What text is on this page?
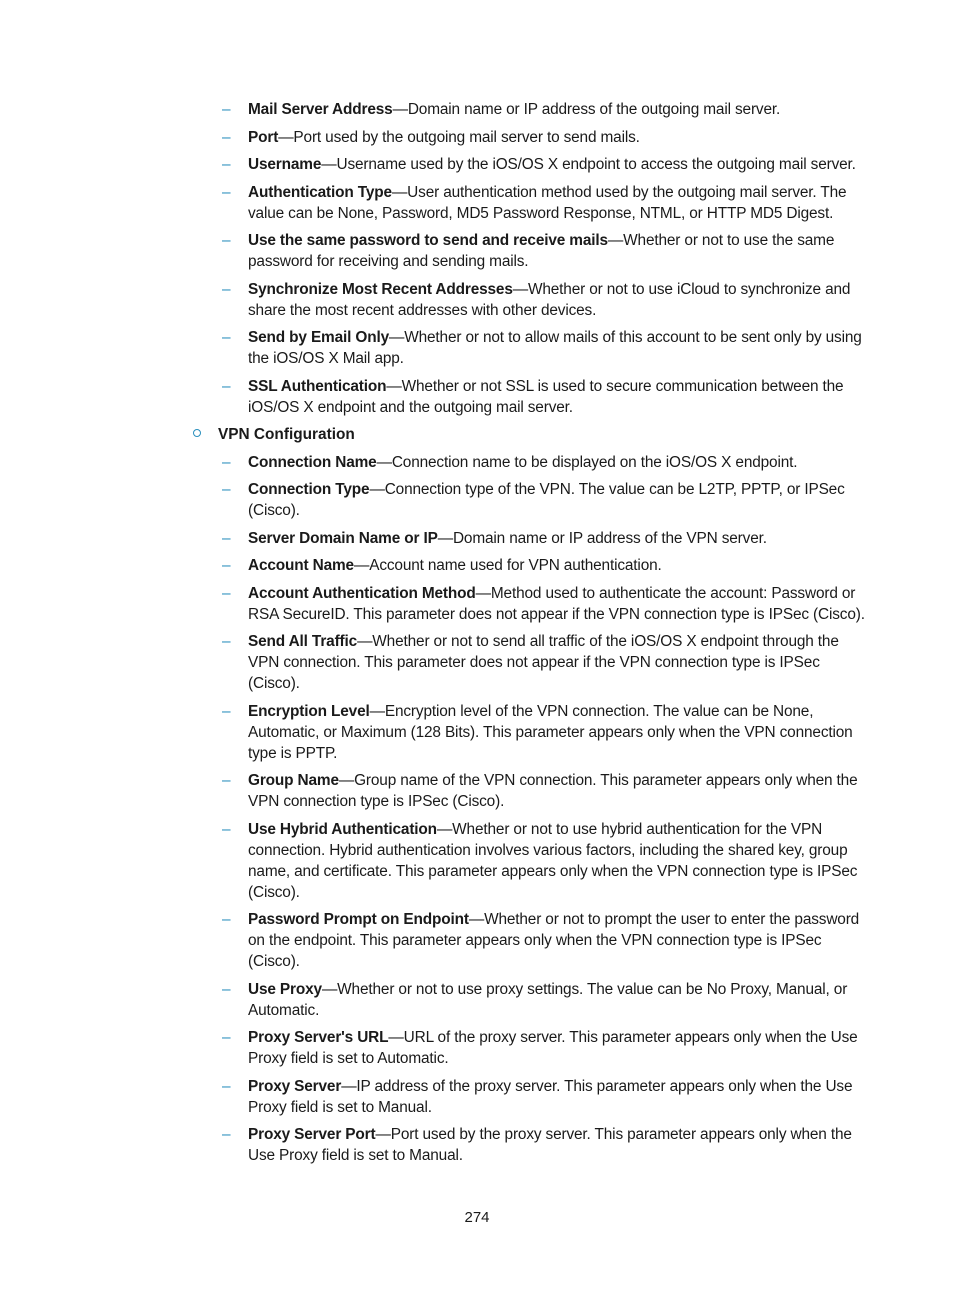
– Mail Server Address—Domain name or IP address of the outgoing mail server.
– Port—Port used by the outgoing mail server to send mails.
– Username—Username used by the iOS/OS X endpoint to access the outgoing mail server.
– Authentication Type—User authentication method used by the outgoing mail server. The value can be None, Password, MD5 Password Response, NTML, or HTTP MD5 Digest.
– Use the same password to send and receive mails—Whether or not to use the same password for receiving and sending mails.
– Synchronize Most Recent Addresses—Whether or not to use iCloud to synchronize and share the most recent addresses with other devices.
– Send by Email Only—Whether or not to allow mails of this account to be sent only by using the iOS/OS X Mail app.
– SSL Authentication—Whether or not SSL is used to secure communication between the iOS/OS X endpoint and the outgoing mail server.
VPN Configuration
– Connection Name—Connection name to be displayed on the iOS/OS X endpoint.
– Connection Type—Connection type of the VPN. The value can be L2TP, PPTP, or IPSec (Cisco).
– Server Domain Name or IP—Domain name or IP address of the VPN server.
– Account Name—Account name used for VPN authentication.
– Account Authentication Method—Method used to authenticate the account: Password or RSA SecureID. This parameter does not appear if the VPN connection type is IPSec (Cisco).
– Send All Traffic—Whether or not to send all traffic of the iOS/OS X endpoint through the VPN connection. This parameter does not appear if the VPN connection type is IPSec (Cisco).
– Encryption Level—Encryption level of the VPN connection. The value can be None, Automatic, or Maximum (128 Bits). This parameter appears only when the VPN connection type is PPTP.
– Group Name—Group name of the VPN connection. This parameter appears only when the VPN connection type is IPSec (Cisco).
– Use Hybrid Authentication—Whether or not to use hybrid authentication for the VPN connection. Hybrid authentication involves various factors, including the shared key, group name, and certificate. This parameter appears only when the VPN connection type is IPSec (Cisco).
– Password Prompt on Endpoint—Whether or not to prompt the user to enter the password on the endpoint. This parameter appears only when the VPN connection type is IPSec (Cisco).
– Use Proxy—Whether or not to use proxy settings. The value can be No Proxy, Manual, or Automatic.
– Proxy Server's URL—URL of the proxy server. This parameter appears only when the Use Proxy field is set to Automatic.
– Proxy Server—IP address of the proxy server. This parameter appears only when the Use Proxy field is set to Manual.
– Proxy Server Port—Port used by the proxy server. This parameter appears only when the Use Proxy field is set to Manual.
274
